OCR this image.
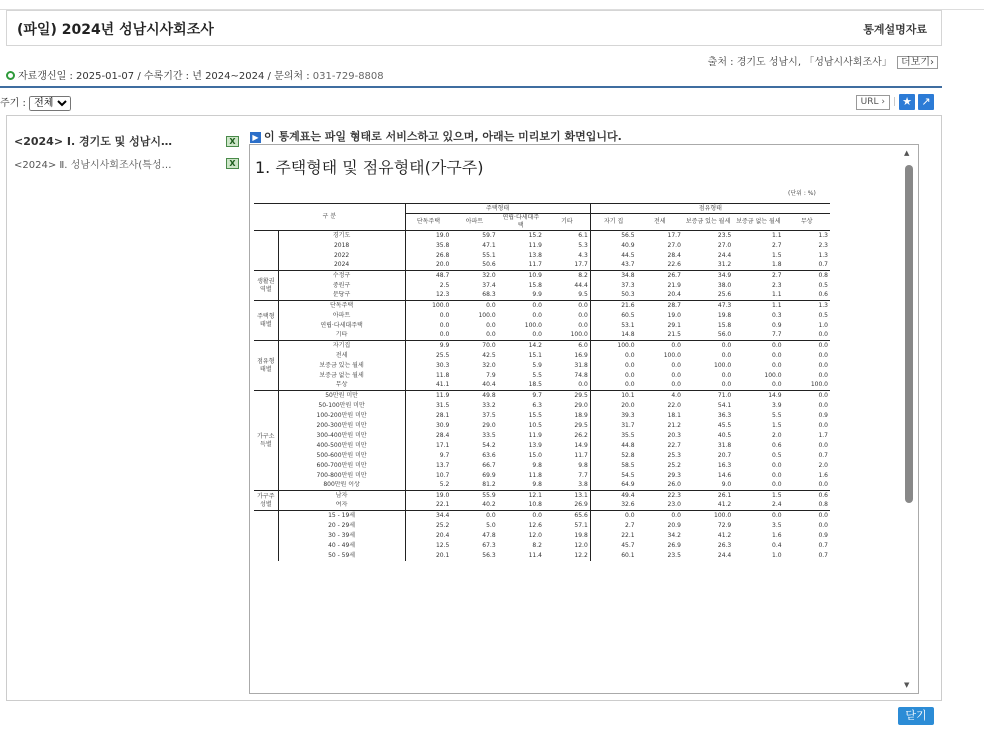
(파일) 2024년 성남시사회조사	통계설명자료
출처 : 경기도 성남시, 「성남시사회조사」 더보기›
자료갱신일 : 2025-01-07 / 수록기간 : 년 2024~2024 / 문의처 : 031-729-8808
주기 :
전체	URL › | ★ ↗
<2024> Ⅰ. 경기도 및 성남시…	X
<2024> Ⅱ. 성남시사회조사(특성…	X
▶ 이 통계표는 파일 형태로 서비스하고 있으며, 아래는 미리보기 화면입니다.
1. 주택형태 및 점유형태(가구주)
(단위 : %)
구 분		주택형태				점유형태				
		단독주택	아파트	연립·다세대주택	기타	자기 집	전세	보증금 있는 월세	보증금 없는 월세	무상
	경기도	19.0	59.7	15.2	6.1	56.5	17.7	23.5	1.1	1.3
	2018	35.8	47.1	11.9	5.3	40.9	27.0	27.0	2.7	2.3
	2022	26.8	55.1	13.8	4.3	44.5	28.4	24.4	1.5	1.3
	2024	20.0	50.6	11.7	17.7	43.7	22.6	31.2	1.8	0.7
생활권역별	수정구	48.7	32.0	10.9	8.2	34.8	26.7	34.9	2.7	0.8
	중원구	2.5	37.4	15.8	44.4	37.3	21.9	38.0	2.3	0.5
	분당구	12.3	68.3	9.9	9.5	50.3	20.4	25.6	1.1	0.6
주택형태별	단독주택	100.0	0.0	0.0	0.0	21.6	28.7	47.3	1.1	1.3
	아파트	0.0	100.0	0.0	0.0	60.5	19.0	19.8	0.3	0.5
	연립·다세대주택	0.0	0.0	100.0	0.0	53.1	29.1	15.8	0.9	1.0
	기타	0.0	0.0	0.0	100.0	14.8	21.5	56.0	7.7	0.0
점유형태별	자기집	9.9	70.0	14.2	6.0	100.0	0.0	0.0	0.0	0.0
	전세	25.5	42.5	15.1	16.9	0.0	100.0	0.0	0.0	0.0
	보증금 있는 월세	30.3	32.0	5.9	31.8	0.0	0.0	100.0	0.0	0.0
	보증금 없는 월세	11.8	7.9	5.5	74.8	0.0	0.0	0.0	100.0	0.0
	무상	41.1	40.4	18.5	0.0	0.0	0.0	0.0	0.0	100.0
가구소득별	50만원 미만	11.9	49.8	9.7	29.5	10.1	4.0	71.0	14.9	0.0
	50-100만원 미만	31.5	33.2	6.3	29.0	20.0	22.0	54.1	3.9	0.0
	100-200만원 미만	28.1	37.5	15.5	18.9	39.3	18.1	36.3	5.5	0.9
	200-300만원 미만	30.9	29.0	10.5	29.5	31.7	21.2	45.5	1.5	0.0
	300-400만원 미만	28.4	33.5	11.9	26.2	35.5	20.3	40.5	2.0	1.7
	400-500만원 미만	17.1	54.2	13.9	14.9	44.8	22.7	31.8	0.6	0.0
	500-600만원 미만	9.7	63.6	15.0	11.7	52.8	25.3	20.7	0.5	0.7
	600-700만원 미만	13.7	66.7	9.8	9.8	58.5	25.2	16.3	0.0	2.0
	700-800만원 미만	10.7	69.9	11.8	7.7	54.5	29.3	14.6	0.0	1.6
	800만원 이상	5.2	81.2	9.8	3.8	64.9	26.0	9.0	0.0	0.0
가구주성별	남자	19.0	55.9	12.1	13.1	49.4	22.3	26.1	1.5	0.6
	여자	22.1	40.2	10.8	26.9	32.6	23.0	41.2	2.4	0.8
	15 - 19세	34.4	0.0	0.0	65.6	0.0	0.0	100.0	0.0	0.0
	20 - 29세	25.2	5.0	12.6	57.1	2.7	20.9	72.9	3.5	0.0
	30 - 39세	20.4	47.8	12.0	19.8	22.1	34.2	41.2	1.6	0.9
	40 - 49세	12.5	67.3	8.2	12.0	45.7	26.9	26.3	0.4	0.7
	50 - 59세	20.1	56.3	11.4	12.2	60.1	23.5	24.4	1.0	0.7
▲
▼
닫기
